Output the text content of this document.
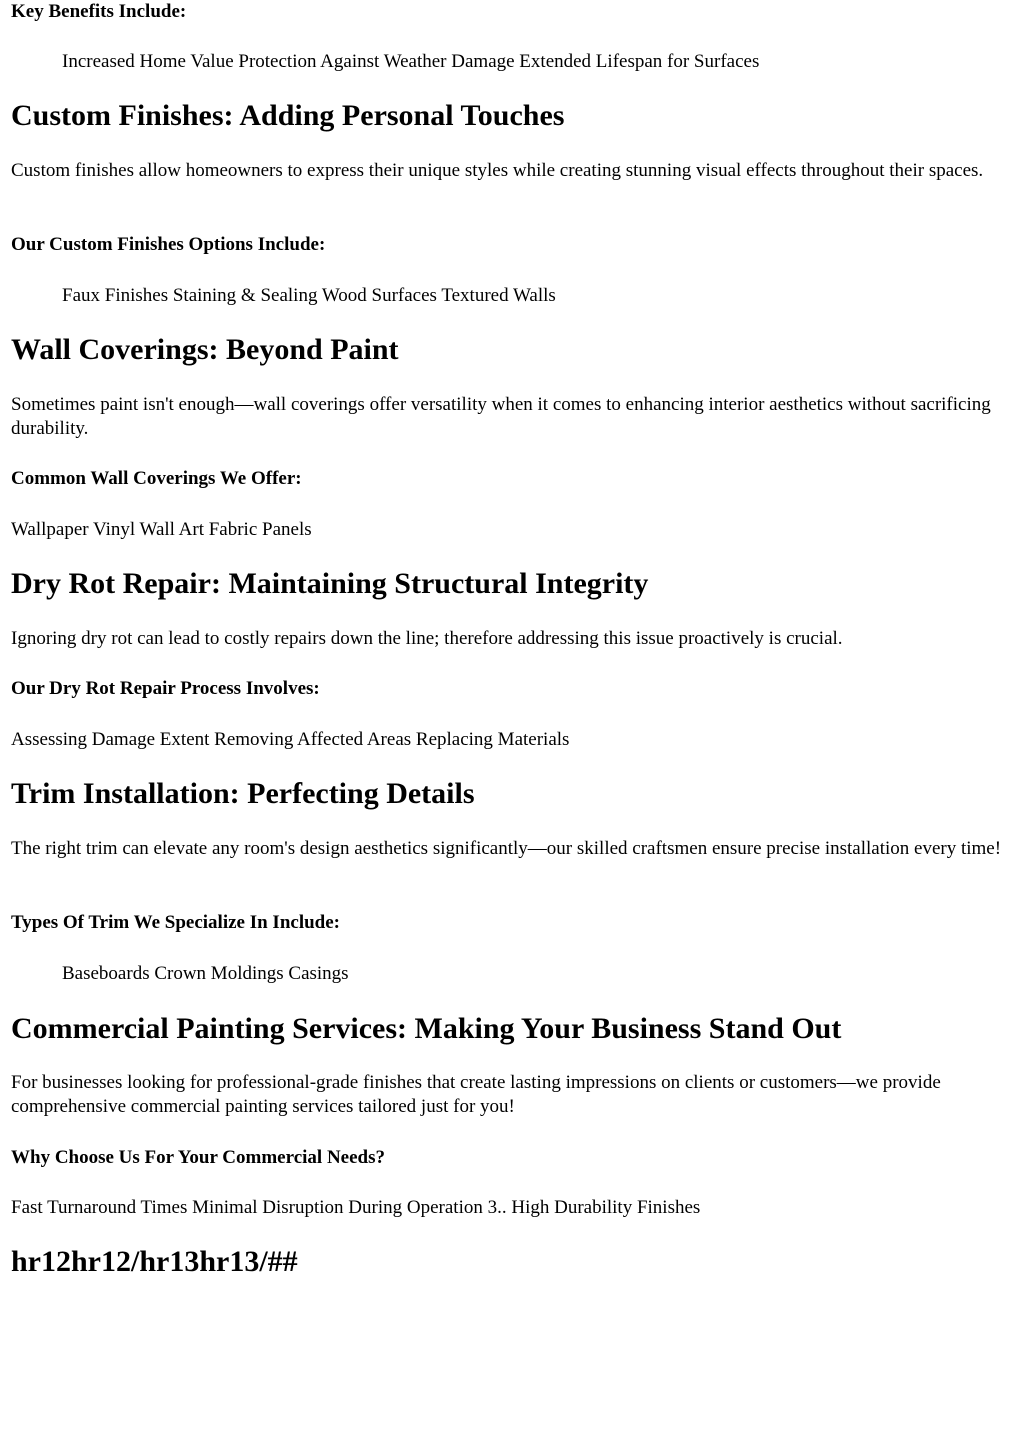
Key Benefits Include:
Increased Home Value Protection Against Weather Damage Extended Lifespan for Surfaces
Custom Finishes: Adding Personal Touches
Custom finishes allow homeowners to express their unique styles while creating stunning visual effects throughout their spaces.
Our Custom Finishes Options Include:
Faux Finishes Staining & Sealing Wood Surfaces Textured Walls
Wall Coverings: Beyond Paint
Sometimes paint isn't enough—wall coverings offer versatility when it comes to enhancing interior aesthetics without sacrificing durability.
Common Wall Coverings We Offer:
Wallpaper Vinyl Wall Art Fabric Panels
Dry Rot Repair: Maintaining Structural Integrity
Ignoring dry rot can lead to costly repairs down the line; therefore addressing this issue proactively is crucial.
Our Dry Rot Repair Process Involves:
Assessing Damage Extent Removing Affected Areas Replacing Materials
Trim Installation: Perfecting Details
The right trim can elevate any room's design aesthetics significantly—our skilled craftsmen ensure precise installation every time!
Types Of Trim We Specialize In Include:
Baseboards Crown Moldings Casings
Commercial Painting Services: Making Your Business Stand Out
For businesses looking for professional-grade finishes that create lasting impressions on clients or customers—we provide comprehensive commercial painting services tailored just for you!
Why Choose Us For Your Commercial Needs?
Fast Turnaround Times Minimal Disruption During Operation 3.. High Durability Finishes
hr12hr12/hr13hr13/##
